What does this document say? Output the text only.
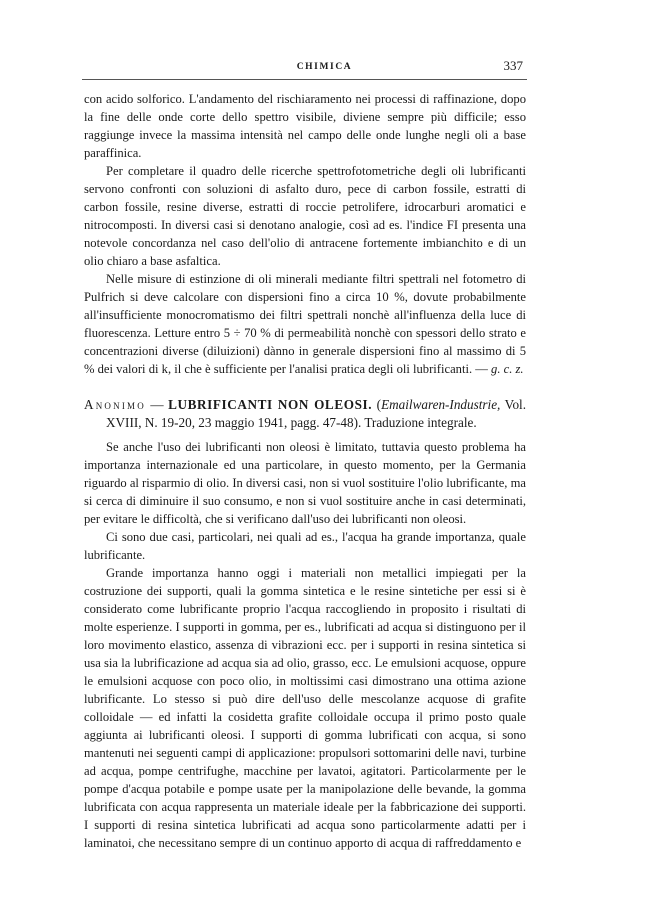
CHIMICA	337

con acido solforico. L'andamento del rischiaramento nei processi di raffinazione, dopo la fine delle onde corte dello spettro visibile, diviene sempre più difficile; esso raggiunge invece la massima intensità nel campo delle onde lunghe negli oli a base paraffinica.

Per completare il quadro delle ricerche spettrofotometriche degli oli lubrificanti servono confronti con soluzioni di asfalto duro, pece di carbon fossile, estratti di carbon fossile, resine diverse, estratti di roccie petrolifere, idrocarburi aromatici e nitrocomposti. In diversi casi si denotano analogie, così ad es. l'indice FI presenta una notevole concordanza nel caso dell'olio di antracene fortemente imbianchito e di un olio chiaro a base asfaltica.

Nelle misure di estinzione di oli minerali mediante filtri spettrali nel fotometro di Pulfrich si deve calcolare con dispersioni fino a circa 10 %, dovute probabilmente all'insufficiente monocromatismo dei filtri spettrali nonchè all'influenza della luce di fluorescenza. Letture entro 5 ÷ 70 % di permeabilità nonchè con spessori dello strato e concentrazioni diverse (diluizioni) dànno in generale dispersioni fino al massimo di 5 % dei valori di k, il che è sufficiente per l'analisi pratica degli oli lubrificanti. — g. c. z.

Anonimo — LUBRIFICANTI NON OLEOSI. (Emailwaren-Industrie, Vol. XVIII, N. 19-20, 23 maggio 1941, pagg. 47-48). Traduzione integrale.

Se anche l'uso dei lubrificanti non oleosi è limitato, tuttavia questo problema ha importanza internazionale ed una particolare, in questo momento, per la Germania riguardo al risparmio di olio. In diversi casi, non si vuol sostituire l'olio lubrificante, ma si cerca di diminuire il suo consumo, e non si vuol sostituire anche in casi determinati, per evitare le difficoltà, che si verificano dall'uso dei lubrificanti non oleosi.

Ci sono due casi, particolari, nei quali ad es., l'acqua ha grande importanza, quale lubrificante.

Grande importanza hanno oggi i materiali non metallici impiegati per la costruzione dei supporti, quali la gomma sintetica e le resine sintetiche per essi si è considerato come lubrificante proprio l'acqua raccogliendo in proposito i risultati di molte esperienze. I supporti in gomma, per es., lubrificati ad acqua si distinguono per il loro movimento elastico, assenza di vibrazioni ecc. per i supporti in resina sintetica si usa sia la lubrificazione ad acqua sia ad olio, grasso, ecc. Le emulsioni acquose, oppure le emulsioni acquose con poco olio, in moltissimi casi dimostrano una ottima azione lubrificante. Lo stesso si può dire dell'uso delle mescolanze acquose di grafite colloidale — ed infatti la cosidetta grafite colloidale occupa il primo posto quale aggiunta ai lubrificanti oleosi. I supporti di gomma lubrificati con acqua, si sono mantenuti nei seguenti campi di applicazione: propulsori sottomarini delle navi, turbine ad acqua, pompe centrifughe, macchine per lavatoi, agitatori. Particolarmente per le pompe d'acqua potabile e pompe usate per la manipolazione delle bevande, la gomma lubrificata con acqua rappresenta un materiale ideale per la fabbricazione dei supporti. I supporti di resina sintetica lubrificati ad acqua sono particolarmente adatti per i laminatoi, che necessitano sempre di un continuo apporto di acqua di raffreddamento e
